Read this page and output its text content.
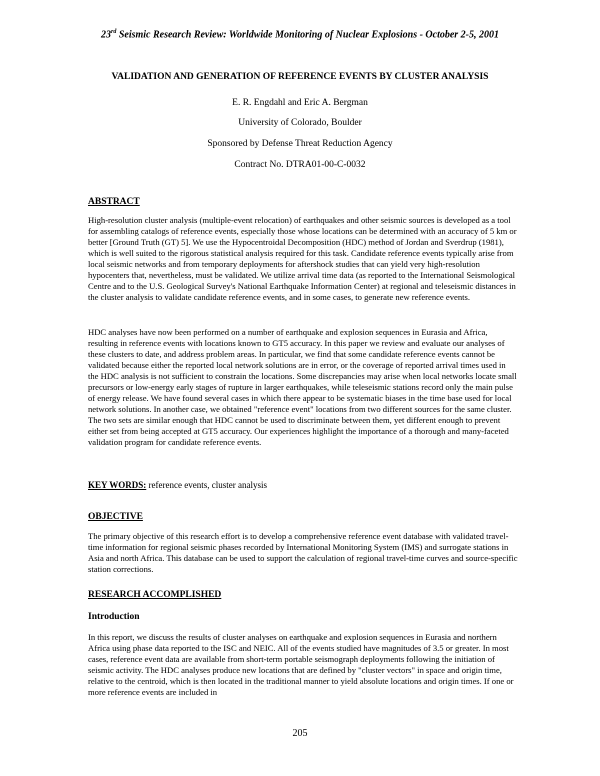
23rd Seismic Research Review: Worldwide Monitoring of Nuclear Explosions - October 2-5, 2001
VALIDATION AND GENERATION OF REFERENCE EVENTS BY CLUSTER ANALYSIS
E. R. Engdahl and Eric A. Bergman
University of Colorado, Boulder
Sponsored by Defense Threat Reduction Agency
Contract No. DTRA01-00-C-0032
ABSTRACT

High-resolution cluster analysis (multiple-event relocation) of earthquakes and other seismic sources is developed as a tool for assembling catalogs of reference events, especially those whose locations can be determined with an accuracy of 5 km or better [Ground Truth (GT) 5]. We use the Hypocentroidal Decomposition (HDC) method of Jordan and Sverdrup (1981), which is well suited to the rigorous statistical analysis required for this task. Candidate reference events typically arise from local seismic networks and from temporary deployments for aftershock studies that can yield very high-resolution hypocenters that, nevertheless, must be validated. We utilize arrival time data (as reported to the International Seismological Centre and to the U.S. Geological Survey's National Earthquake Information Center) at regional and teleseismic distances in the cluster analysis to validate candidate reference events, and in some cases, to generate new reference events.

HDC analyses have now been performed on a number of earthquake and explosion sequences in Eurasia and Africa, resulting in reference events with locations known to GT5 accuracy. In this paper we review and evaluate our analyses of these clusters to date, and address problem areas. In particular, we find that some candidate reference events cannot be validated because either the reported local network solutions are in error, or the coverage of reported arrival times used in the HDC analysis is not sufficient to constrain the locations. Some discrepancies may arise when local networks locate small precursors or low-energy early stages of rupture in larger earthquakes, while teleseismic stations record only the main pulse of energy release. We have found several cases in which there appear to be systematic biases in the time base used for local network solutions. In another case, we obtained "reference event" locations from two different sources for the same cluster. The two sets are similar enough that HDC cannot be used to discriminate between them, yet different enough to prevent either set from being accepted at GT5 accuracy. Our experiences highlight the importance of a thorough and many-faceted validation program for candidate reference events.

KEY WORDS: reference events, cluster analysis
OBJECTIVE

The primary objective of this research effort is to develop a comprehensive reference event database with validated travel-time information for regional seismic phases recorded by International Monitoring System (IMS) and surrogate stations in Asia and north Africa. This database can be used to support the calculation of regional travel-time curves and source-specific station corrections.

RESEARCH ACCOMPLISHED
Introduction

In this report, we discuss the results of cluster analyses on earthquake and explosion sequences in Eurasia and northern Africa using phase data reported to the ISC and NEIC. All of the events studied have magnitudes of 3.5 or greater. In most cases, reference event data are available from short-term portable seismograph deployments following the initiation of seismic activity. The HDC analyses produce new locations that are defined by "cluster vectors" in space and origin time, relative to the centroid, which is then located in the traditional manner to yield absolute locations and origin times. If one or more reference events are included in

205
